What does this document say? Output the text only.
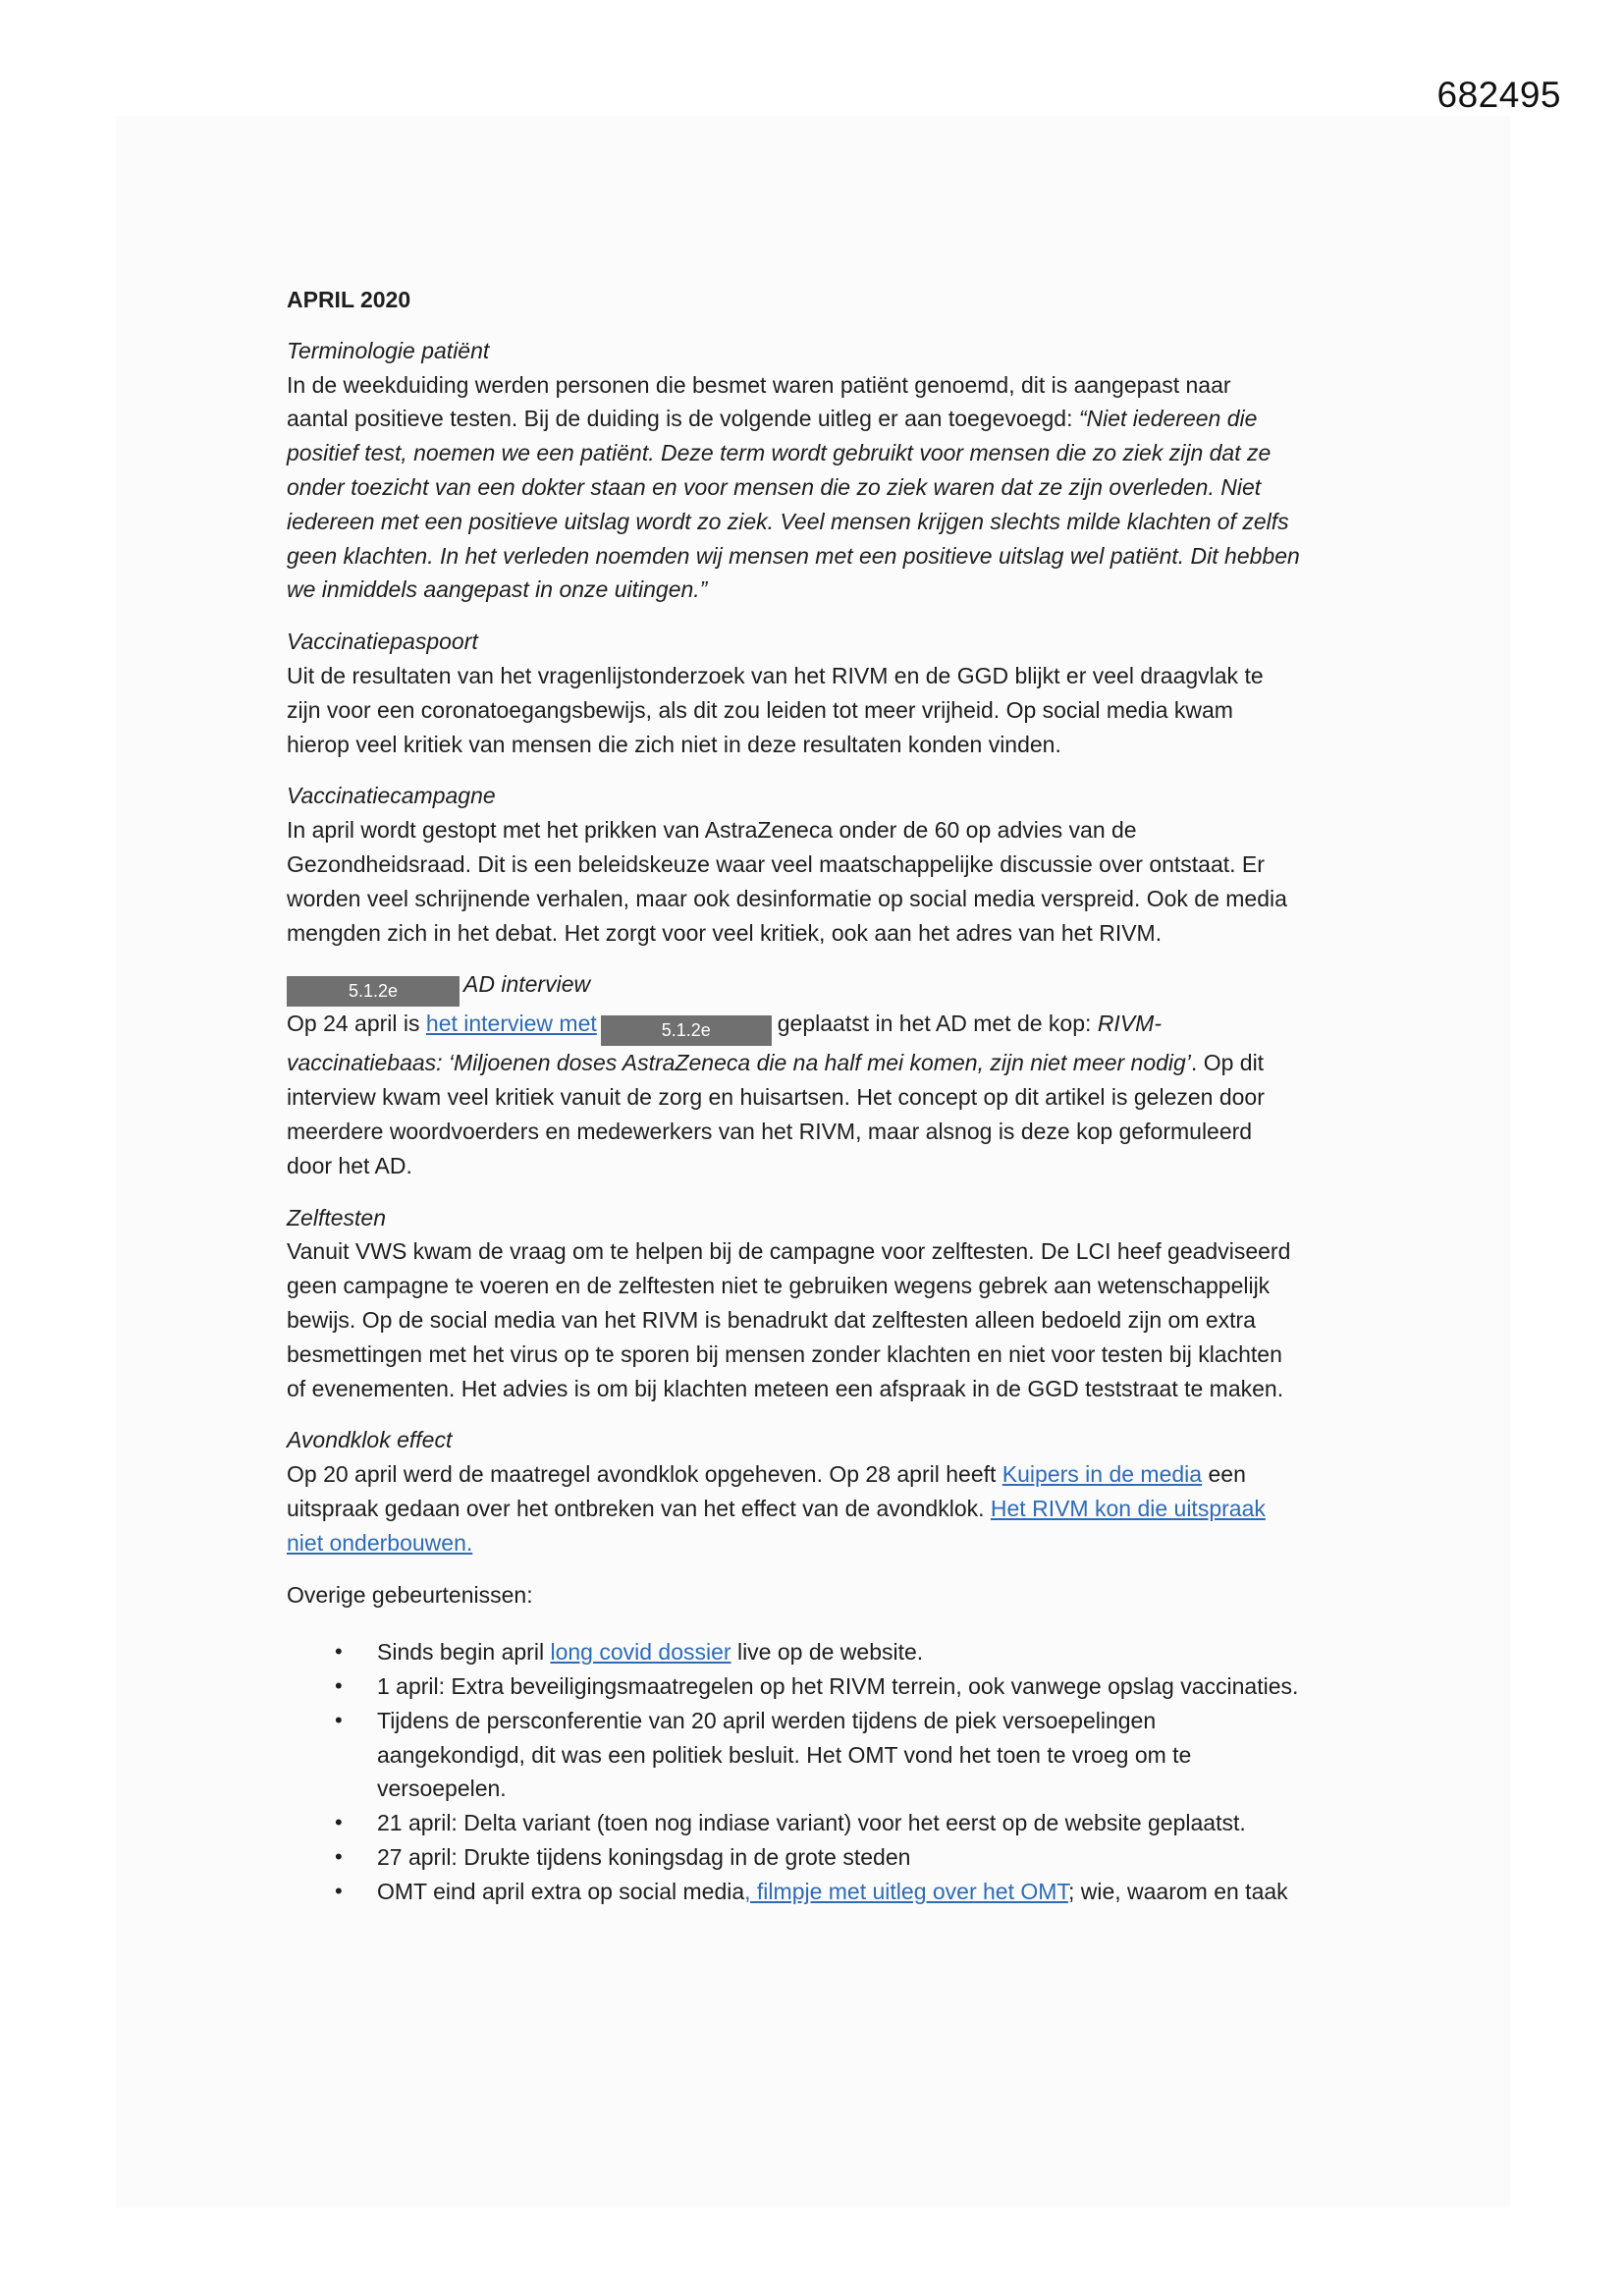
682495
APRIL 2020
Terminologie patiënt
In de weekduiding werden personen die besmet waren patiënt genoemd, dit is aangepast naar
aantal positieve testen. Bij de duiding is de volgende uitleg er aan toegevoegd: “Niet iedereen die
positief test, noemen we een patiënt. Deze term wordt gebruikt voor mensen die zo ziek zijn dat ze
onder toezicht van een dokter staan en voor mensen die zo ziek waren dat ze zijn overleden. Niet
iedereen met een positieve uitslag wordt zo ziek. Veel mensen krijgen slechts milde klachten of zelfs
geen klachten. In het verleden noemden wij mensen met een positieve uitslag wel patiënt. Dit hebben
we inmiddels aangepast in onze uitingen.”
Vaccinatiepaspoort
Uit de resultaten van het vragenlijstonderzoek van het RIVM en de GGD blijkt er veel draagvlak te
zijn voor een coronatoegangsbewijs, als dit zou leiden tot meer vrijheid. Op social media kwam
hierop veel kritiek van mensen die zich niet in deze resultaten konden vinden.
Vaccinatiecampagne
In april wordt gestopt met het prikken van AstraZeneca onder de 60 op advies van de
Gezondheidsraad. Dit is een beleidskeuze waar veel maatschappelijke discussie over ontstaat. Er
worden veel schrijnende verhalen, maar ook desinformatie op social media verspreid. Ook de media
mengden zich in het debat. Het zorgt voor veel kritiek, ook aan het adres van het RIVM.
5.1.2e	AD interview
Op 24 april is het interview met	5.1.2e	geplaatst in het AD met de kop: RIVM-
vaccinatiebaas: ‘Miljoenen doses AstraZeneca die na half mei komen, zijn niet meer nodig’. Op dit
interview kwam veel kritiek vanuit de zorg en huisartsen. Het concept op dit artikel is gelezen door
meerdere woordvoerders en medewerkers van het RIVM, maar alsnog is deze kop geformuleerd
door het AD.
Zelftesten
Vanuit VWS kwam de vraag om te helpen bij de campagne voor zelftesten. De LCI heef geadviseerd
geen campagne te voeren en de zelftesten niet te gebruiken wegens gebrek aan wetenschappelijk
bewijs. Op de social media van het RIVM is benadrukt dat zelftesten alleen bedoeld zijn om extra
besmettingen met het virus op te sporen bij mensen zonder klachten en niet voor testen bij klachten
of evenementen. Het advies is om bij klachten meteen een afspraak in de GGD teststraat te maken.
Avondklok effect
Op 20 april werd de maatregel avondklok opgeheven. Op 28 april heeft Kuipers in de media een
uitspraak gedaan over het ontbreken van het effect van de avondklok. Het RIVM kon die uitspraak
niet onderbouwen.
Overige gebeurtenissen:
• Sinds begin april long covid dossier live op de website.
• 1 april: Extra beveiligingsmaatregelen op het RIVM terrein, ook vanwege opslag vaccinaties.
• Tijdens de persconferentie van 20 april werden tijdens de piek versoepelingen
aangekondigd, dit was een politiek besluit. Het OMT vond het toen te vroeg om te
versoepelen.
• 21 april: Delta variant (toen nog indiase variant) voor het eerst op de website geplaatst.
• 27 april: Drukte tijdens koningsdag in de grote steden
• OMT eind april extra op social media, filmpje met uitleg over het OMT; wie, waarom en taak
